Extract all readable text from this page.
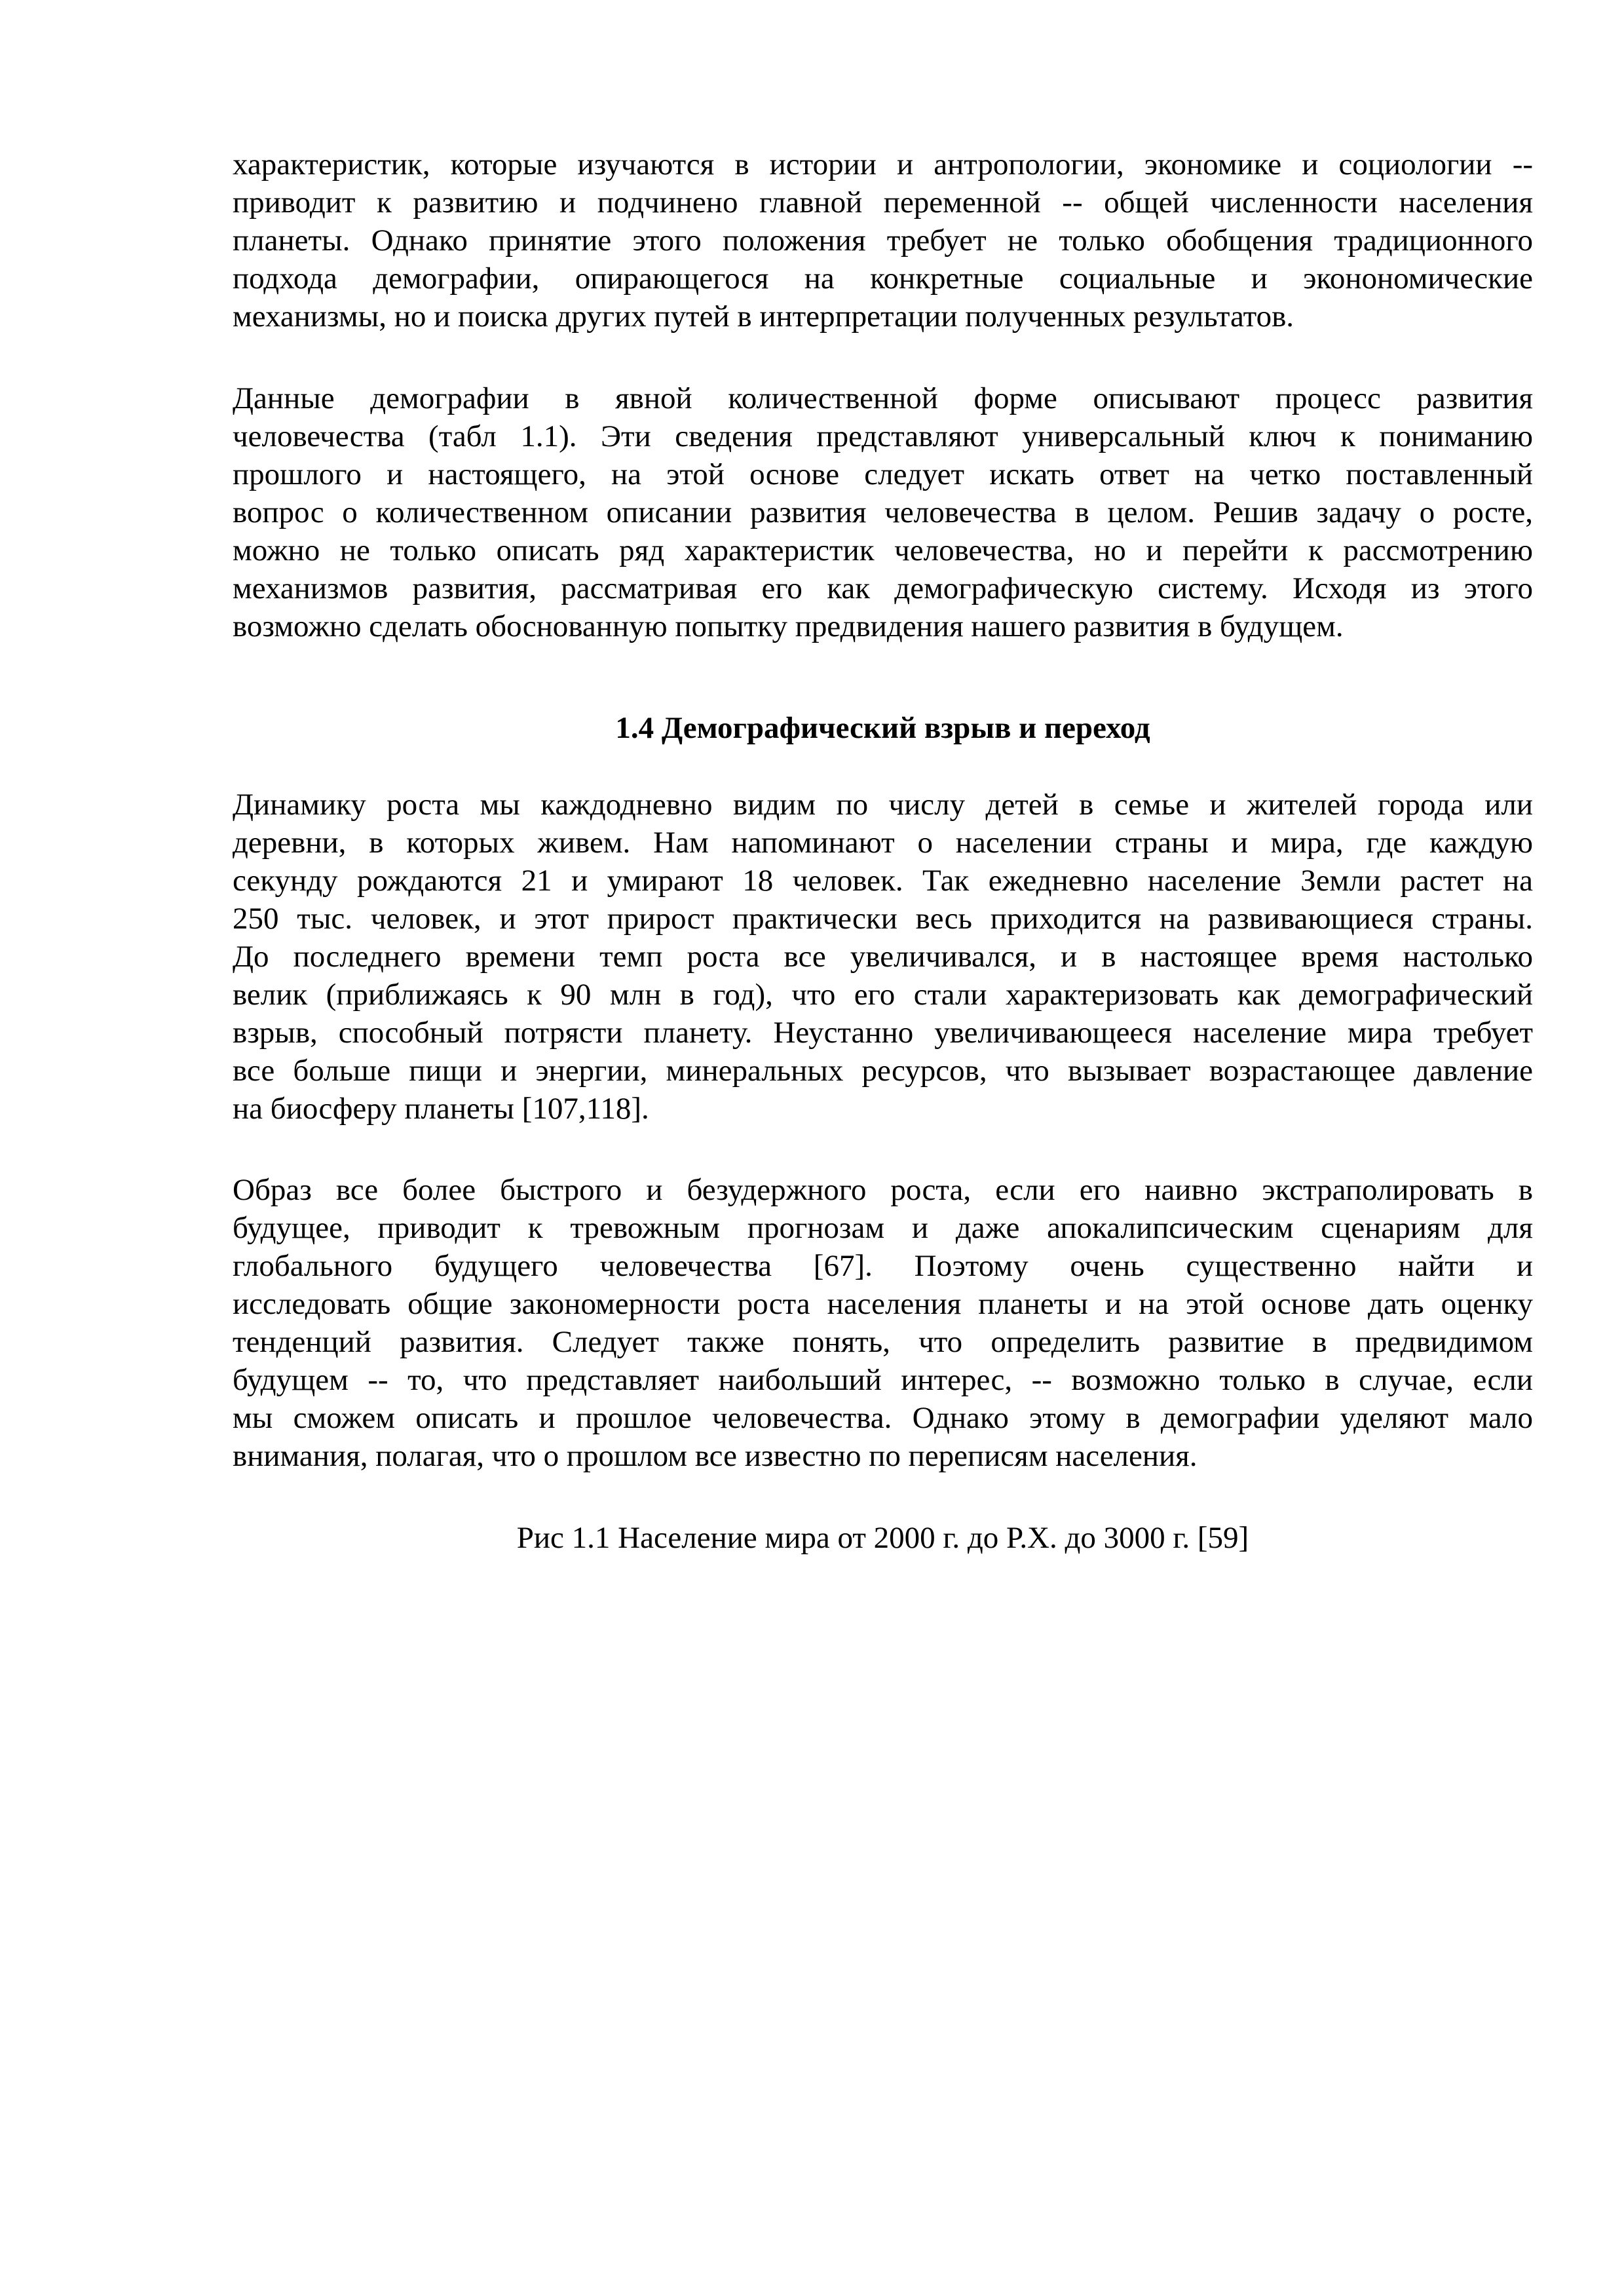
характеристик, которые изучаются в истории и антропологии, экономике и социологии --
приводит к развитию и подчинено главной переменной -- общей численности населения
планеты. Однако принятие этого положения требует не только обобщения традиционного
подхода демографии, опирающегося на конкретные социальные и эконономические
механизмы, но и поиска других путей в интерпретации полученных результатов.
Данные демографии в явной количественной форме описывают процесс развития
человечества (табл 1.1). Эти сведения представляют универсальный ключ к пониманию
прошлого и настоящего, на этой основе следует искать ответ на четко поставленный
вопрос о количественном описании развития человечества в целом. Решив задачу о росте,
можно не только описать ряд характеристик человечества, но и перейти к рассмотрению
механизмов развития, рассматривая его как демографическую систему. Исходя из этого
возможно сделать обоснованную попытку предвидения нашего развития в будущем.
1.4 Демографический взрыв и переход
Динамику роста мы каждодневно видим по числу детей в семье и жителей города или
деревни, в которых живем. Нам напоминают о населении страны и мира, где каждую
секунду рождаются 21 и умирают 18 человек. Так ежедневно население Земли растет на
250 тыс. человек, и этот прирост практически весь приходится на развивающиеся страны.
До последнего времени темп роста все увеличивался, и в настоящее время настолько
велик (приближаясь к 90 млн в год), что его стали характеризовать как демографический
взрыв, способный потрясти планету. Неустанно увеличивающееся население мира требует
все больше пищи и энергии, минеральных ресурсов, что вызывает возрастающее давление
на биосферу планеты [107,118].
Образ все более быстрого и безудержного роста, если его наивно экстраполировать в
будущее, приводит к тревожным прогнозам и даже апокалипсическим сценариям для
глобального будущего человечества [67]. Поэтому очень существенно найти и
исследовать общие закономерности роста населения планеты и на этой основе дать оценку
тенденций развития. Следует также понять, что определить развитие в предвидимом
будущем -- то, что представляет наибольший интерес, -- возможно только в случае, если
мы сможем описать и прошлое человечества. Однако этому в демографии уделяют мало
внимания, полагая, что о прошлом все известно по переписям населения.
Рис 1.1 Население мира от 2000 г. до Р.Х. до 3000 г. [59]
